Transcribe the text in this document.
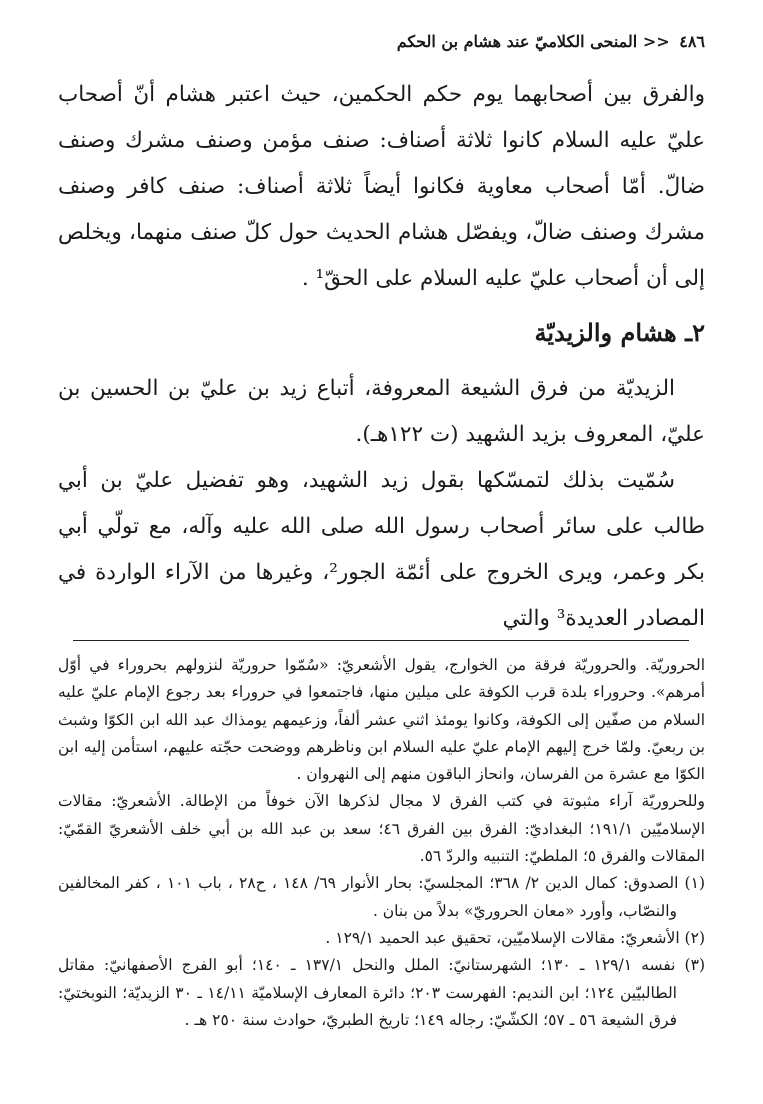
٤٨٦ << المنحى الكلاميّ عند هشام بن الحكم

والفرق بين أصحابهما يوم حكم الحكمين، حيث اعتبر هشام أنّ أصحاب عليّ عليه السلام كانوا ثلاثة أصناف: صنف مؤمن وصنف مشرك وصنف ضالّ. أمّا أصحاب معاوية فكانوا أيضاً ثلاثة أصناف: صنف كافر وصنف مشرك وصنف ضالّ، ويفصّل هشام الحديث حول كلّ صنف منهما، ويخلص إلى أن أصحاب عليّ عليه السلام على الحقّ¹ .

٢ـ هشام والزيديّة

الزيديّة من فرق الشيعة المعروفة، أتباع زيد بن عليّ بن الحسين بن عليّ، المعروف بزيد الشهيد (ت ١٢٢هـ).

سُمّيت بذلك لتمسّكها بقول زيد الشهيد، وهو تفضيل عليّ بن أبي طالب على سائر أصحاب رسول الله صلى الله عليه وآله، مع تولّي أبي بكر وعمر، ويرى الخروج على أئمّة الجور²، وغيرها من الآراء الواردة في المصادر العديدة³ والتي

الحروريّة. والحروريّة فرقة من الخوارج، يقول الأشعريّ: «سُمّوا حروريّة لنزولهم بحروراء في أوّل أمرهم». وحروراء بلدة قرب الكوفة على ميلين منها، فاجتمعوا في حروراء بعد رجوع الإمام عليّ عليه السلام من صفّين إلى الكوفة، وكانوا يومئذ اثني عشر ألفاً، وزعيمهم يومذاك عبد الله ابن الكوّا وشبث بن ربعيّ. ولمّا خرج إليهم الإمام عليّ عليه السلام ابن وناظرهم ووضحت حجّته عليهم، استأمن إليه ابن الكوّا مع عشرة من الفرسان، وانحاز الباقون منهم إلى النهروان .

وللحروريّة آراء مثبوتة في كتب الفرق لا مجال لذكرها الآن خوفاً من الإطالة. الأشعريّ: مقالات الإسلاميّين ١٩١/١؛ البغداديّ: الفرق بين الفرق ٤٦؛ سعد بن عبد الله بن أبي خلف الأشعريّ القمّيّ: المقالات والفرق ٥؛ الملطيّ: التنبيه والردّ ٥٦.

(١) الصدوق: كمال الدين ٢/ ٣٦٨؛ المجلسيّ: بحار الأنوار ٦٩/ ١٤٨ ، ح٢٨ ، باب ١٠١ ، كفر المخالفين والنصّاب، وأورد «معان الحروريّ» بدلاً من بنان .

(٢) الأشعريّ: مقالات الإسلاميّين، تحقيق عبد الحميد ١٢٩/١ .

(٣) نفسه ١٢٩/١ ـ ١٣٠؛ الشهرستانيّ: الملل والنحل ١٣٧/١ ـ ١٤٠؛ أبو الفرج الأصفهانيّ: مقاتل الطالبيّين ١٢٤؛ ابن النديم: الفهرست ٢٠٣؛ دائرة المعارف الإسلاميّة ١٤/١١ ـ ٣٠ الزيديّة؛ النوبختيّ: فرق الشيعة ٥٦ ـ ٥٧؛ الكشّيّ: رجاله ١٤٩؛ تاريخ الطبريّ، حوادث سنة ٢٥٠ هـ .
